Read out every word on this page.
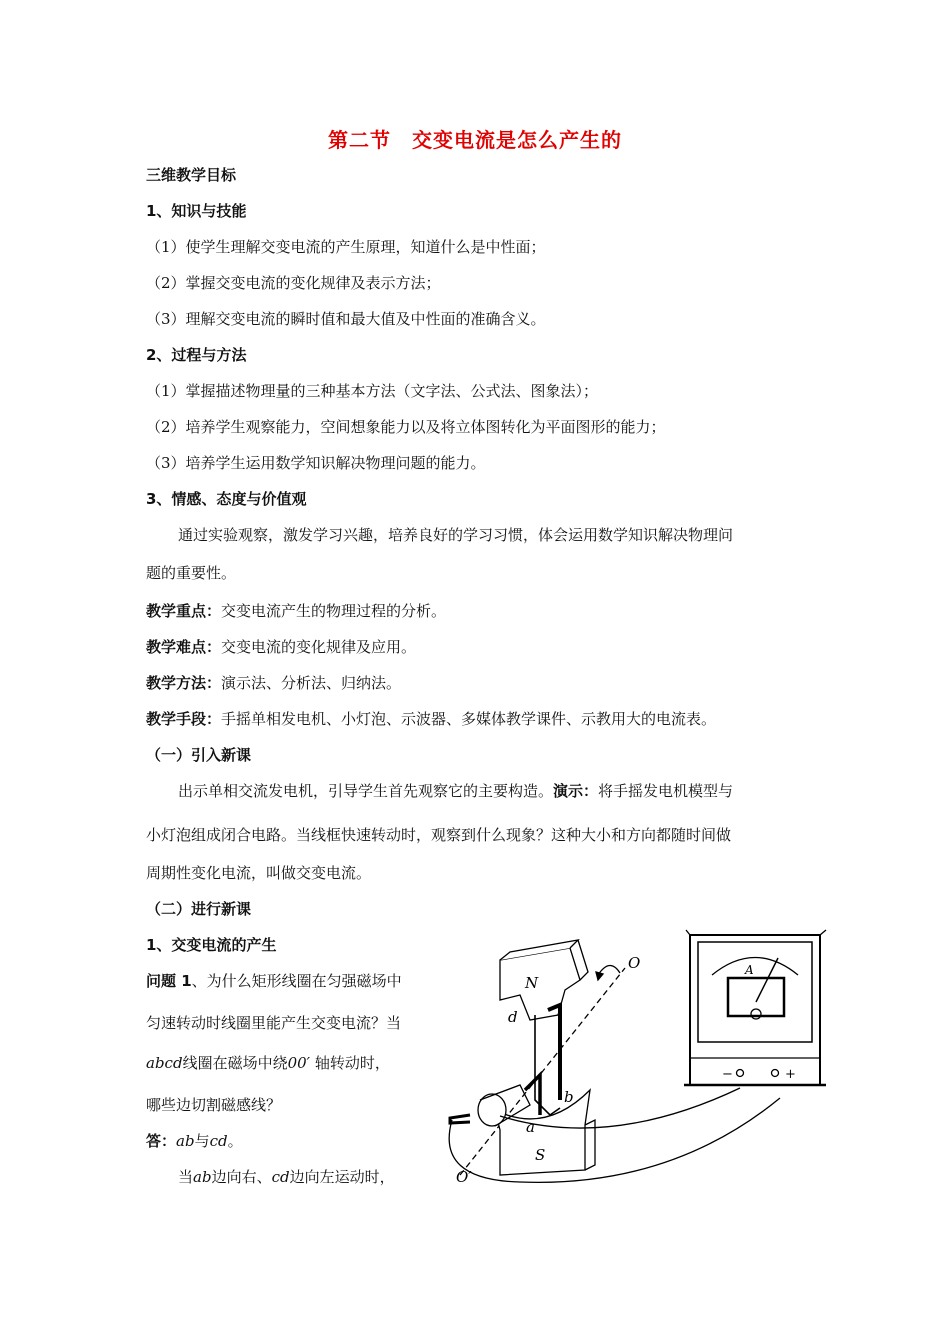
第二节　交变电流是怎么产生的
三维教学目标
1、知识与技能
（1）使学生理解交变电流的产生原理，知道什么是中性面；
（2）掌握交变电流的变化规律及表示方法；
（3）理解交变电流的瞬时值和最大值及中性面的准确含义。
2、过程与方法
（1）掌握描述物理量的三种基本方法（文字法、公式法、图象法）；
（2）培养学生观察能力，空间想象能力以及将立体图转化为平面图形的能力；
（3）培养学生运用数学知识解决物理问题的能力。
3、情感、态度与价值观
通过实验观察，激发学习兴趣，培养良好的学习习惯，体会运用数学知识解决物理问
题的重要性。
教学重点：交变电流产生的物理过程的分析。
教学难点：交变电流的变化规律及应用。
教学方法：演示法、分析法、归纳法。
教学手段：手摇单相发电机、小灯泡、示波器、多媒体教学课件、示教用大的电流表。
（一）引入新课
出示单相交流发电机，引导学生首先观察它的主要构造。演示：将手摇发电机模型与
小灯泡组成闭合电路。当线框快速转动时，观察到什么现象？这种大小和方向都随时间做
周期性变化电流，叫做交变电流。
（二）进行新课
1、交变电流的产生
问题 1、为什么矩形线圈在匀强磁场中
匀速转动时线圈里能产生交变电流？当
abcd线圈在磁场中绕00′ 轴转动时，
哪些边切割磁感线？
答：ab与cd。
当ab边向右、cd边向左运动时，
O
O′
b
a
d
N
S
A
−	+
